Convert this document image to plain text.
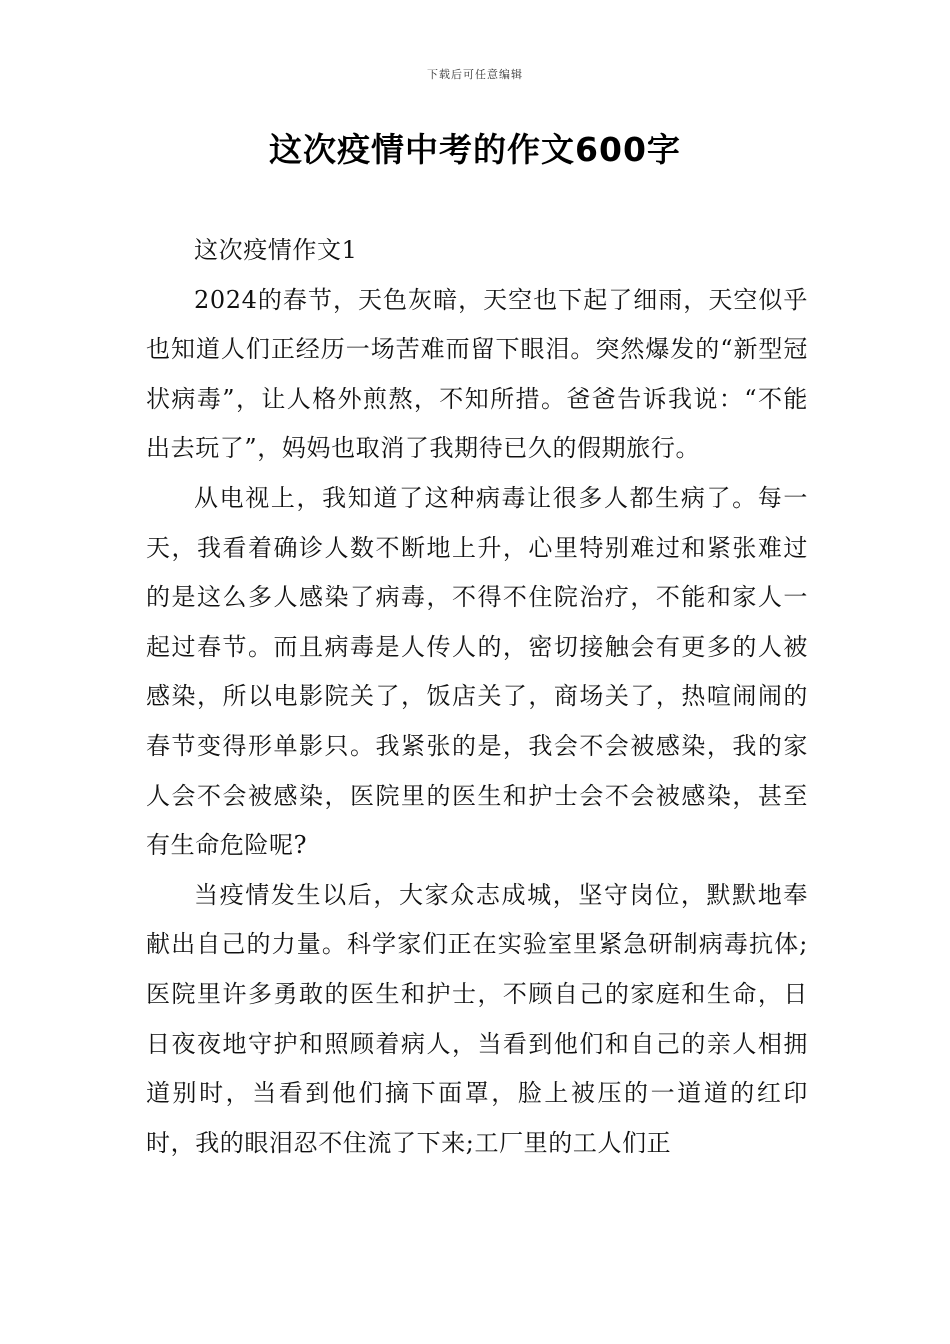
下载后可任意编辑
这次疫情中考的作文600字

这次疫情作文1

2024的春节，天色灰暗，天空也下起了细雨，天空似乎也知道人们正经历一场苦难而留下眼泪。突然爆发的“新型冠状病毒”，让人格外煎熬，不知所措。爸爸告诉我说：“不能出去玩了”，妈妈也取消了我期待已久的假期旅行。

从电视上，我知道了这种病毒让很多人都生病了。每一天，我看着确诊人数不断地上升，心里特别难过和紧张难过的是这么多人感染了病毒，不得不住院治疗，不能和家人一起过春节。而且病毒是人传人的，密切接触会有更多的人被感染，所以电影院关了，饭店关了，商场关了，热喧闹闹的春节变得形单影只。我紧张的是，我会不会被感染，我的家人会不会被感染，医院里的医生和护士会不会被感染，甚至有生命危险呢?

当疫情发生以后，大家众志成城，坚守岗位，默默地奉献出自己的力量。科学家们正在实验室里紧急研制病毒抗体;医院里许多勇敢的医生和护士，不顾自己的家庭和生命，日日夜夜地守护和照顾着病人，当看到他们和自己的亲人相拥道别时，当看到他们摘下面罩，脸上被压的一道道的红印时，我的眼泪忍不住流了下来;工厂里的工人们正
